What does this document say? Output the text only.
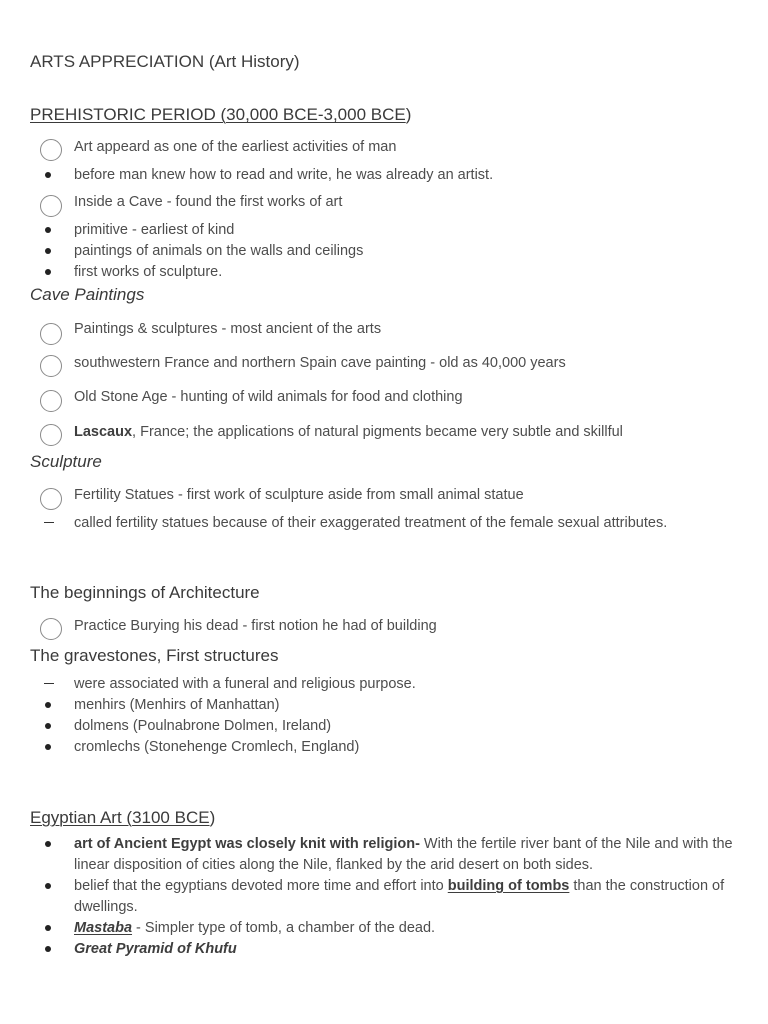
ARTS APPRECIATION (Art History)
PREHISTORIC PERIOD (30,000 BCE-3,000 BCE)
Art appeard as one of the earliest activities of man
before man knew how to read and write, he was already an artist.
Inside a Cave - found the first works of art
primitive - earliest of kind
paintings of animals on the walls and ceilings
first works of sculpture.
Cave Paintings
Paintings & sculptures - most ancient of the arts
southwestern France and northern Spain cave painting - old as 40,000 years
Old Stone Age - hunting of wild animals for food and clothing
Lascaux, France; the applications of natural pigments became very subtle and skillful
Sculpture
Fertility Statues - first work of sculpture aside from small animal statue
called fertility statues because of their exaggerated treatment of the female sexual attributes.
The beginnings of Architecture
Practice Burying his dead - first notion he had of building
The gravestones, First structures
were associated with a funeral and religious purpose.
menhirs (Menhirs of Manhattan)
dolmens (Poulnabrone Dolmen, Ireland)
cromlechs (Stonehenge Cromlech, England)
Egyptian Art (3100 BCE)
art of Ancient Egypt was closely knit with religion- With the fertile river bant of the Nile and with the linear disposition of cities along the Nile, flanked by the arid desert on both sides.
belief that the egyptians devoted more time and effort into building of tombs than the construction of dwellings.
Mastaba - Simpler type of tomb, a chamber of the dead.
Great Pyramid of Khufu
